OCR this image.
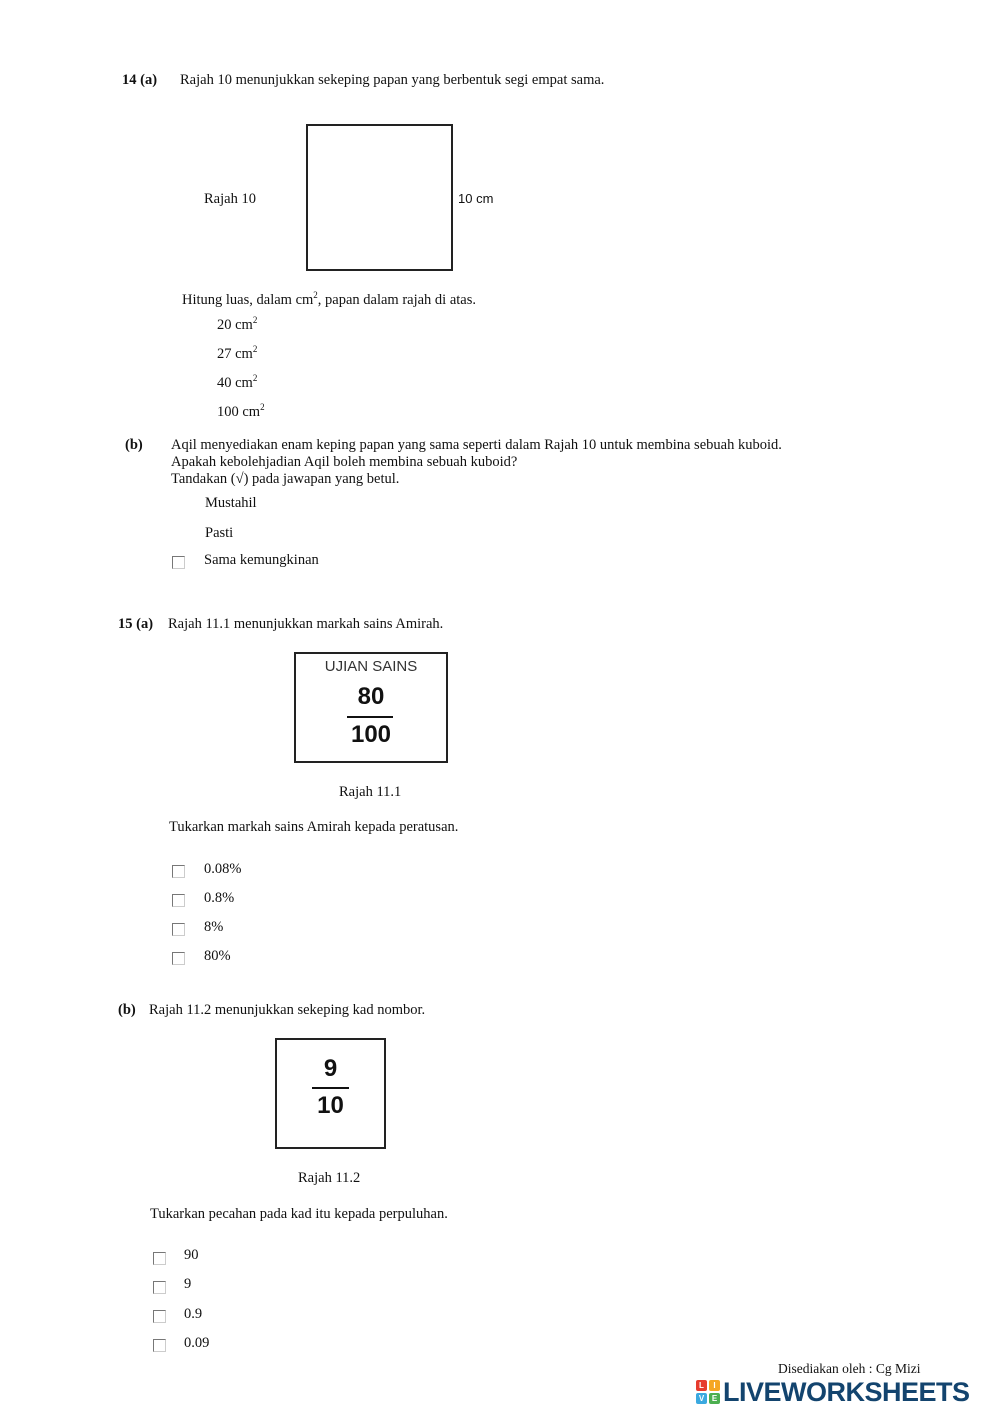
14 (a) Rajah 10 menunjukkan sekeping papan yang berbentuk segi empat sama.
Rajah 10	10 cm
Hitung luas, dalam $cm^2$, papan dalam rajah di atas.
20 $cm^2$
27 $cm^2$
40 $cm^2$
100 $cm^2$
(b) Aqil menyediakan enam keping papan yang sama seperti dalam Rajah 10 untuk membina sebuah kuboid.
Apakah kebolehjadian Aqil boleh membina sebuah kuboid?
Tandakan (√) pada jawapan yang betul.
Mustahil
Pasti
Sama kemungkinan
15 (a) Rajah 11.1 menunjukkan markah sains Amirah.
UJIAN SAINS
80
100
Rajah 11.1
Tukarkan markah sains Amirah kepada peratusan.
0.08%
0.8%
8%
80%
(b) Rajah 11.2 menunjukkan sekeping kad nombor.
9
10
Rajah 11.2
Tukarkan pecahan pada kad itu kepada perpuluhan.
90
9
0.9
0.09
Disediakan oleh : Cg Mizi
L	I
V E LIVEWORKSHEETS
